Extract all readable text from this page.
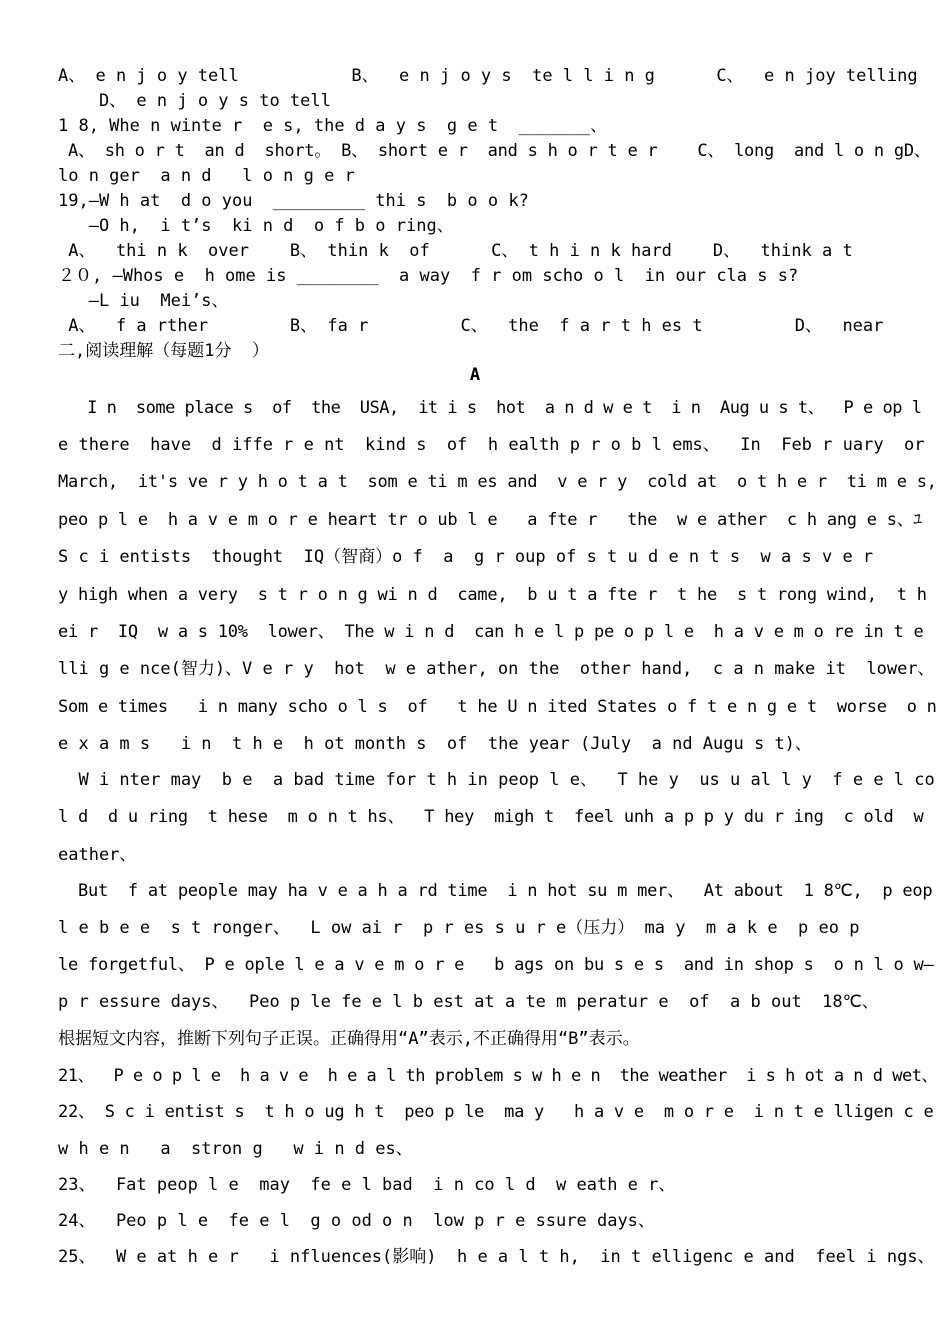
A、 e n j o y tell           B、  e n j o y s  te l l i n g      C、  e n joy telling
D、 e n j o y s to tell
1 8, Whe n winte r  e s, the d a y s  g e t  _______、
A、 sh o r t  an d  short。 B、 short e r  and s h o r t e r    C、 long  and l o n gD、
lo n ger  a n d   l o n g e r
19,—W h at  d o you  _________ thi s  b o o k?
—O h,  i t’s  ki n d  o f b o ring、
A、  thi n k  over    B、 thin k  of      C、 t h i n k hard    D、  think a t
２０, —Whos e  h ome is ________  a way  f r om scho o l  in our cla s s?
—L iu  Mei’s、
A、  f a rther        B、 fa r         C、  the  f a r t h es t         D、  near
二,阅读理解（每题1分  ）
A
I n  some place s  of  the  USA,  it i s  hot  a n d w e t  i n  Aug u s t、  P e op l
e there  have  d iffe r e nt  kind s  of  h ealth p r o b l ems、  In  Feb r uary  or
March,  it's ve r y h o t a t  som e ti m es and  v e r y  cold at  o t h e r  ti m e s,
peo p l e  h a v e m o r e heart tr o ub l e   a fte r   the  w e ather  c h ang e s、ﾕ
S c i entists  thought  IQ（智商）o f  a  g r oup of s t u d e n t s  w a s v e r
y high when a very  s t r o n g wi n d  came,  b u t a fte r  t he  s t rong wind,  t h
ei r  IQ  w a s 10%  lower、 The w i n d  can h e l p pe o p l e  h a v e m o re in t e
lli g e nce(智力)、V e r y  hot  w e ather, on the  other hand,  c a n make it  lower、
Som e times   i n many scho o l s  of   t he U n ited States o f t e n g e t  worse  o n
e x a m s   i n  t h e  h ot month s  of  the year (July  a nd Augu s t)、
W i nter may  b e  a bad time for t h in peop l e、  T he y  us u al l y  f e e l co
l d  d u ring  t hese  m o n t hs、  T hey  migh t  feel unh a p p y du r ing  c old  w
eather、
But  f at people may ha v e a h a rd time  i n hot su m mer、  At about  1 8℃,  p eop
l e b e e  s t ronger、  L ow ai r  p r es s u r e（压力） ma y  m a k e  p eo p
le forgetful、 P e ople l e a v e m o r e   b ags on bu s e s  and in shop s  o n l o w—
p r essure days、  Peo p le fe e l b est at a te m peratur e  of  a b out  18℃、
根据短文内容，推断下列句子正误。正确得用“A”表示,不正确得用“B”表示。
21、  P e o p l e  h a v e  h e a l th problem s w h e n  the weather  i s h ot a n d wet、
22、 S c i entist s  t h o ug h t  peo p le  ma y   h a v e  m o r e  i n t e lligen c e
w h e n   a  stron g   w i n d es、
23、  Fat peop l e  may  fe e l bad  i n co l d  w eath e r、
24、  Peo p l e  fe e l  g o od o n  low p r e ssure days、
25、  W e at h e r   i nfluences(影响)  h e a l t h,  in t elligenc e and  feel i ngs、
